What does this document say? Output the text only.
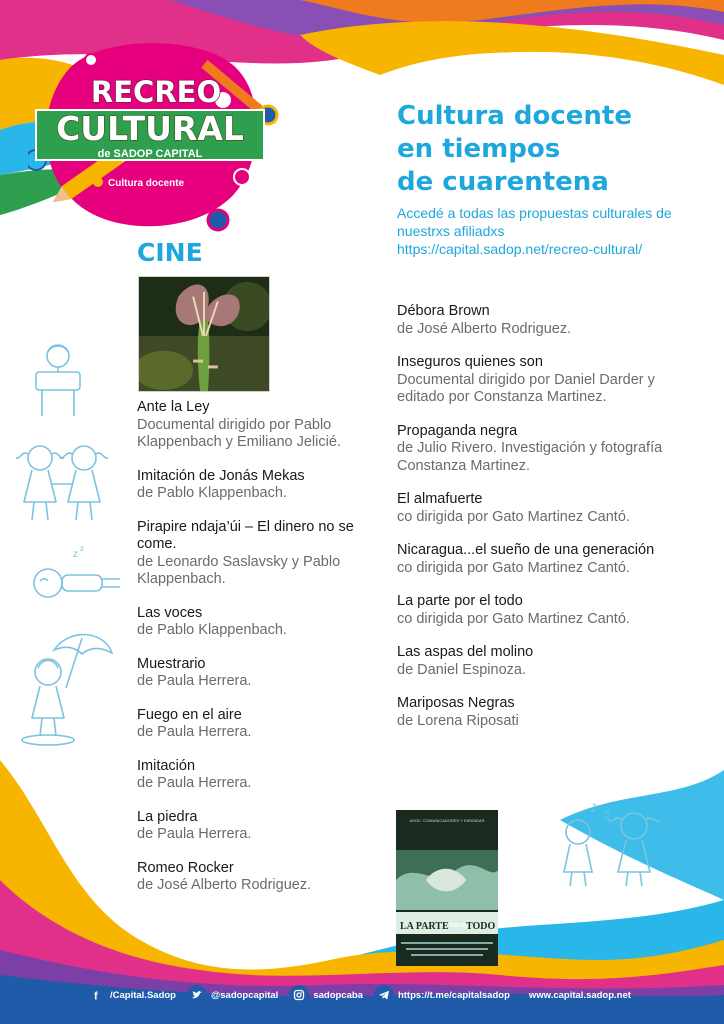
RECREO
CULTURAL
de SADOP CAPITAL
Cultura docente
Cultura docente
en tiempos
de cuarentena

Accedé a todas las propuestas culturales de nuestrxs afiliadxs https://capital.sadop.net/recreo-cultural/

CINE
Ante la Ley
Documental dirigido por Pablo Klappenbach y Emiliano Jelicié.
Imitación de Jonás Mekas
de Pablo Klappenbach.
Pirapire ndaja’úi – El dinero no se come.
de Leonardo Saslavsky y Pablo Klappenbach.
Las voces
de Pablo Klappenbach.
Muestrario
de Paula Herrera.
Fuego en el aire
de Paula Herrera.
Imitación
de Paula Herrera.
La piedra
de Paula Herrera.
Romeo Rocker
de José Alberto Rodriguez.
Débora Brown
de José Alberto Rodriguez.
Inseguros quienes son
Documental dirigido por Daniel Darder y editado por Constanza Martinez.
Propaganda negra
de Julio Rivero. Investigación y fotografía Constanza Martinez.
El almafuerte
co dirigida por Gato Martinez Cantó.
Nicaragua...el sueño de una generación
co dirigida por Gato Martinez Cantó.
La parte por el todo
co dirigida por Gato Martinez Cantó.
Las aspas del molino
de Daniel Espinoza.
Mariposas Negras
de Lorena Riposati
ASOC. COMUNICADORES Y DIRIGIDAS
LA PARTE POR EL
TODO
z
z
♪
♫
f /Capital.Sadop	@sadopcapital	sadopcaba	https://t.me/capitalsadop www.capital.sadop.net
